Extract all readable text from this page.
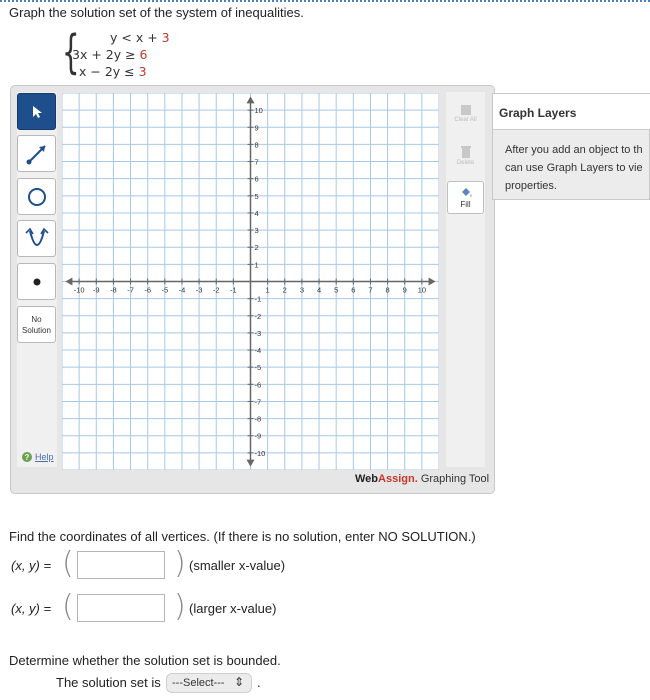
Graph the solution set of the system of inequalities.
{ y < x + 3
3x + 2y ≥ 6
x − 2y ≤ 3
No Solution
? Help
-10 -9 -8 -7 -6 -5 -4 -3 -2 -1	1 2 3 4 5 6 7 8 9 10
10
9
8
7
6
5
4
3
2
1
-1
-2
-3
-4
-5
-6
-7
-8
-9
-10
Clear All
Delete
Fill
WebAssign. Graphing Tool
Graph Layers
After you add an object to th
can use Graph Layers to vie
properties.
Find the coordinates of all vertices. (If there is no solution, enter NO SOLUTION.)
(x, y) = (	) (smaller x-value)
(x, y) = (	) (larger x-value)
Determine whether the solution set is bounded.
The solution set is	---Select--- ⇕ .
